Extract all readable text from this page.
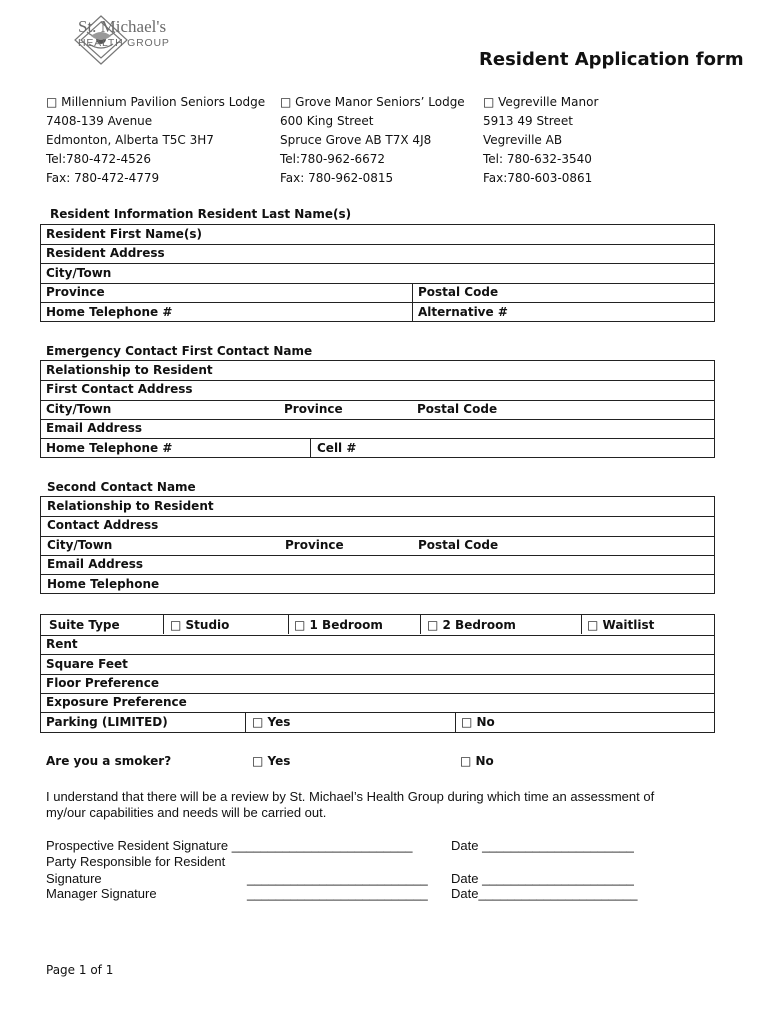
St. Michael's
HEALTH GROUP
Resident Application form
□ Millennium Pavilion Seniors Lodge
7408-139 Avenue
Edmonton, Alberta T5C 3H7
Tel:780-472-4526
Fax: 780-472-4779
□ Grove Manor Seniors’ Lodge
600 King Street
Spruce Grove AB T7X 4J8
Tel:780-962-6672
Fax: 780-962-0815
□ Vegreville Manor
5913 49 Street
Vegreville AB
Tel: 780-632-3540
Fax:780-603-0861
Resident Information Resident Last Name(s)
Resident First Name(s)
Resident Address
City/Town
Province	Postal Code
Home Telephone #	Alternative #
Emergency Contact First Contact Name
Relationship to Resident
First Contact Address
City/Town	Province	Postal Code
Email Address
Home Telephone #	Cell #
Second Contact Name
Relationship to Resident
Contact Address
City/Town	Province	Postal Code
Email Address
Home Telephone
Suite Type	□ Studio	□ 1 Bedroom	□ 2 Bedroom	□ Waitlist
Rent
Square Feet
Floor Preference
Exposure Preference
Parking (LIMITED)	□ Yes	□ No
Are you a smoker?	□ Yes	□ No
I understand that there will be a review by St. Michael’s Health Group during which time an assessment of
my/our capabilities and needs will be carried out.
Prospective Resident Signature _________________________	Date _____________________
Party Responsible for Resident
Signature	_________________________ Date _____________________
Manager Signature	_________________________ Date______________________
Page 1 of 1
